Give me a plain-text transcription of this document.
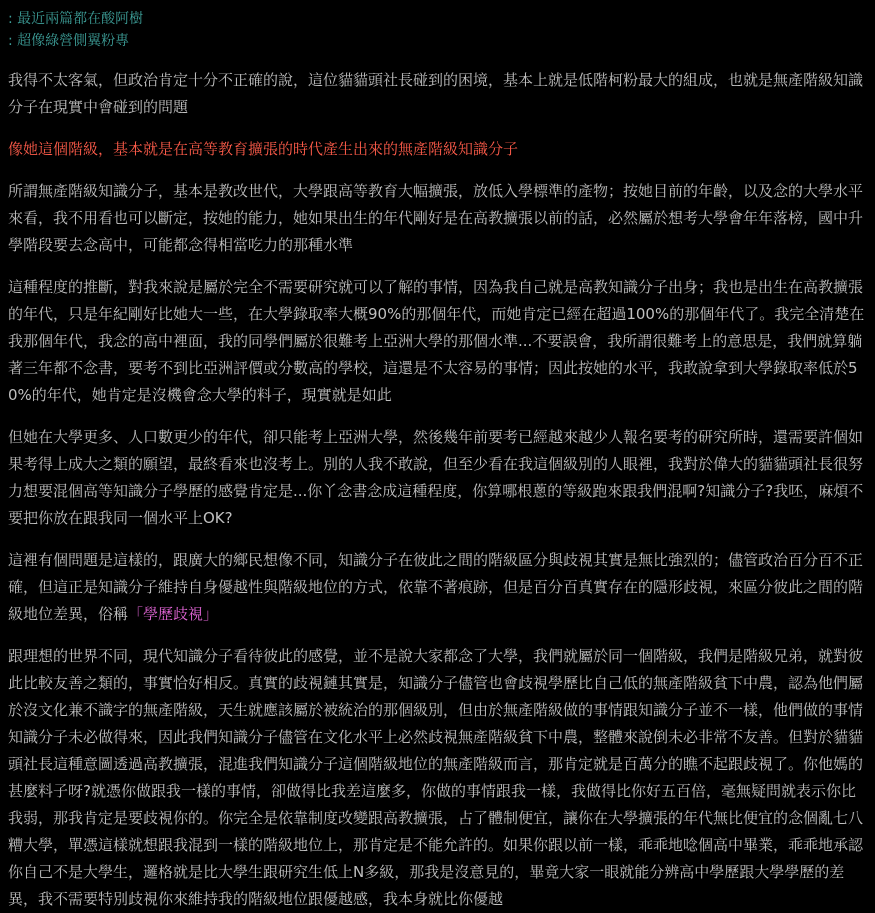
: 最近兩篇都在酸阿樹
: 超像綠營側翼粉專

我得不太客氣，但政治肯定十分不正確的說，這位貓貓頭社長碰到的困境，基本上就是低階柯粉最大的組成，也就是無產階級知識分子在現實中會碰到的問題

像她這個階級，基本就是在高等教育擴張的時代產生出來的無產階級知識分子

所謂無產階級知識分子，基本是教改世代，大學跟高等教育大幅擴張，放低入學標準的產物；按她目前的年齡，以及念的大學水平來看，我不用看也可以斷定，按她的能力，她如果出生的年代剛好是在高教擴張以前的話，必然屬於想考大學會年年落榜，國中升學階段要去念高中，可能都念得相當吃力的那種水準

這種程度的推斷，對我來說是屬於完全不需要研究就可以了解的事情，因為我自己就是高教知識分子出身；我也是出生在高教擴張的年代，只是年紀剛好比她大一些，在大學錄取率大概90%的那個年代，而她肯定已經在超過100%的那個年代了。我完全清楚在我那個年代，我念的高中裡面，我的同學們屬於很難考上亞洲大學的那個水準...不要誤會，我所謂很難考上的意思是，我們就算躺著三年都不念書，要考不到比亞洲評價或分數高的學校，這還是不太容易的事情；因此按她的水平，我敢說拿到大學錄取率低於50%的年代，她肯定是沒機會念大學的料子，現實就是如此

但她在大學更多、人口數更少的年代，卻只能考上亞洲大學，然後幾年前要考已經越來越少人報名要考的研究所時，還需要許個如果考得上成大之類的願望，最終看來也沒考上。別的人我不敢說，但至少看在我這個級別的人眼裡，我對於偉大的貓貓頭社長很努力想要混個高等知識分子學歷的感覺肯定是...你丫念書念成這種程度，你算哪根蔥的等級跑來跟我們混啊?知識分子?我呸，麻煩不要把你放在跟我同一個水平上OK?

這裡有個問題是這樣的，跟廣大的鄉民想像不同，知識分子在彼此之間的階級區分與歧視其實是無比強烈的；儘管政治百分百不正確，但這正是知識分子維持自身優越性與階級地位的方式，依靠不著痕跡，但是百分百真實存在的隱形歧視，來區分彼此之間的階級地位差異，俗稱「學歷歧視」

跟理想的世界不同，現代知識分子看待彼此的感覺，並不是說大家都念了大學，我們就屬於同一個階級，我們是階級兄弟，就對彼此比較友善之類的，事實恰好相反。真實的歧視鏈其實是，知識分子儘管也會歧視學歷比自己低的無產階級貧下中農，認為他們屬於沒文化兼不識字的無產階級，天生就應該屬於被統治的那個級別，但由於無產階級做的事情跟知識分子並不一樣，他們做的事情知識分子未必做得來，因此我們知識分子儘管在文化水平上必然歧視無產階級貧下中農，整體來說倒未必非常不友善。但對於貓貓頭社長這種意圖透過高教擴張，混進我們知識分子這個階級地位的無產階級而言，那肯定就是百萬分的瞧不起跟歧視了。你他媽的甚麼料子呀?就憑你做跟我一樣的事情，卻做得比我差這麼多，你做的事情跟我一樣，我做得比你好五百倍，毫無疑問就表示你比我弱，那我肯定是要歧視你的。你完全是依靠制度改變跟高教擴張，占了體制便宜，讓你在大學擴張的年代無比便宜的念個亂七八糟大學，單憑這樣就想跟我混到一樣的階級地位上，那肯定是不能允許的。如果你跟以前一樣，乖乖地唸個高中畢業，乖乖地承認你自己不是大學生，邏格就是比大學生跟研究生低上N多級，那我是沒意見的，畢竟大家一眼就能分辨高中學歷跟大學學歷的差異，我不需要特別歧視你來維持我的階級地位跟優越感，我本身就比你優越
